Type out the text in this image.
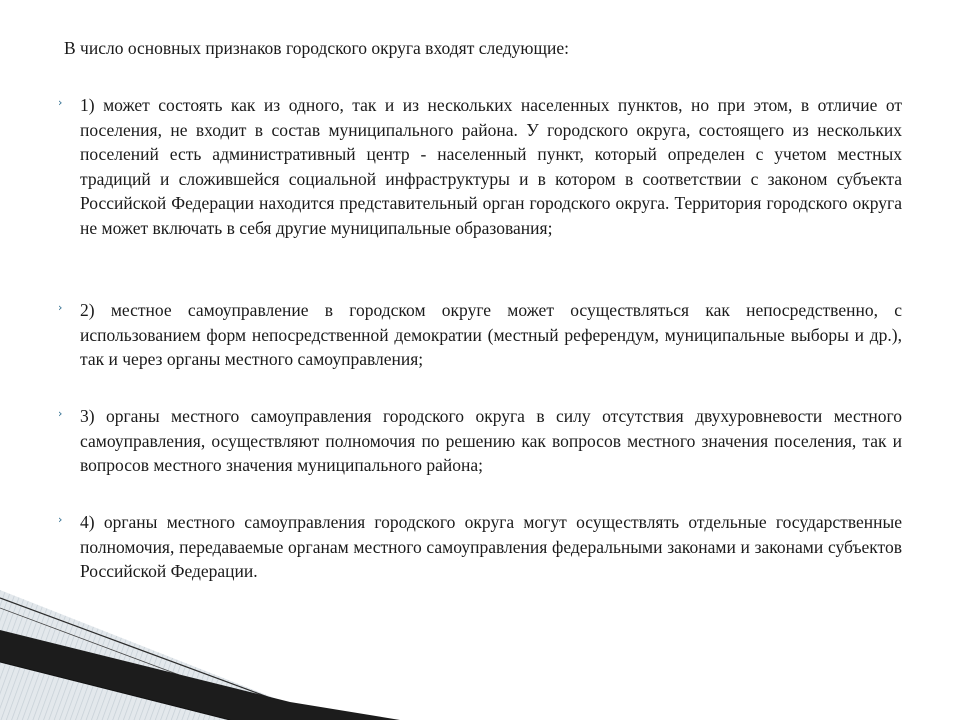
В число основных признаков городского округа входят следующие:

›	1) может состоять как из одного, так и из нескольких населенных пунктов, но при этом, в отличие от поселения, не входит в состав муниципального района. У городского округа, состоящего из нескольких поселений есть административный центр - населенный пункт, который определен с учетом местных традиций и сложившейся социальной инфраструктуры и в котором в соответствии с законом субъекта Российской Федерации находится представительный орган городского округа. Территория городского округа не может включать в себя другие муниципальные образования;

›	2) местное самоуправление в городском округе может осуществляться как непосредственно, с использованием форм непосредственной демократии (местный референдум, муниципальные выборы и др.), так и через органы местного самоуправления;

›	3) органы местного самоуправления городского округа в силу отсутствия двухуровневости местного самоуправления, осуществляют полномочия по решению как вопросов местного значения поселения, так и вопросов местного значения муниципального района;

›	4) органы местного самоуправления городского округа могут осуществлять отдельные государственные полномочия, передаваемые органам местного самоуправления федеральными законами и законами субъектов Российской Федерации.
